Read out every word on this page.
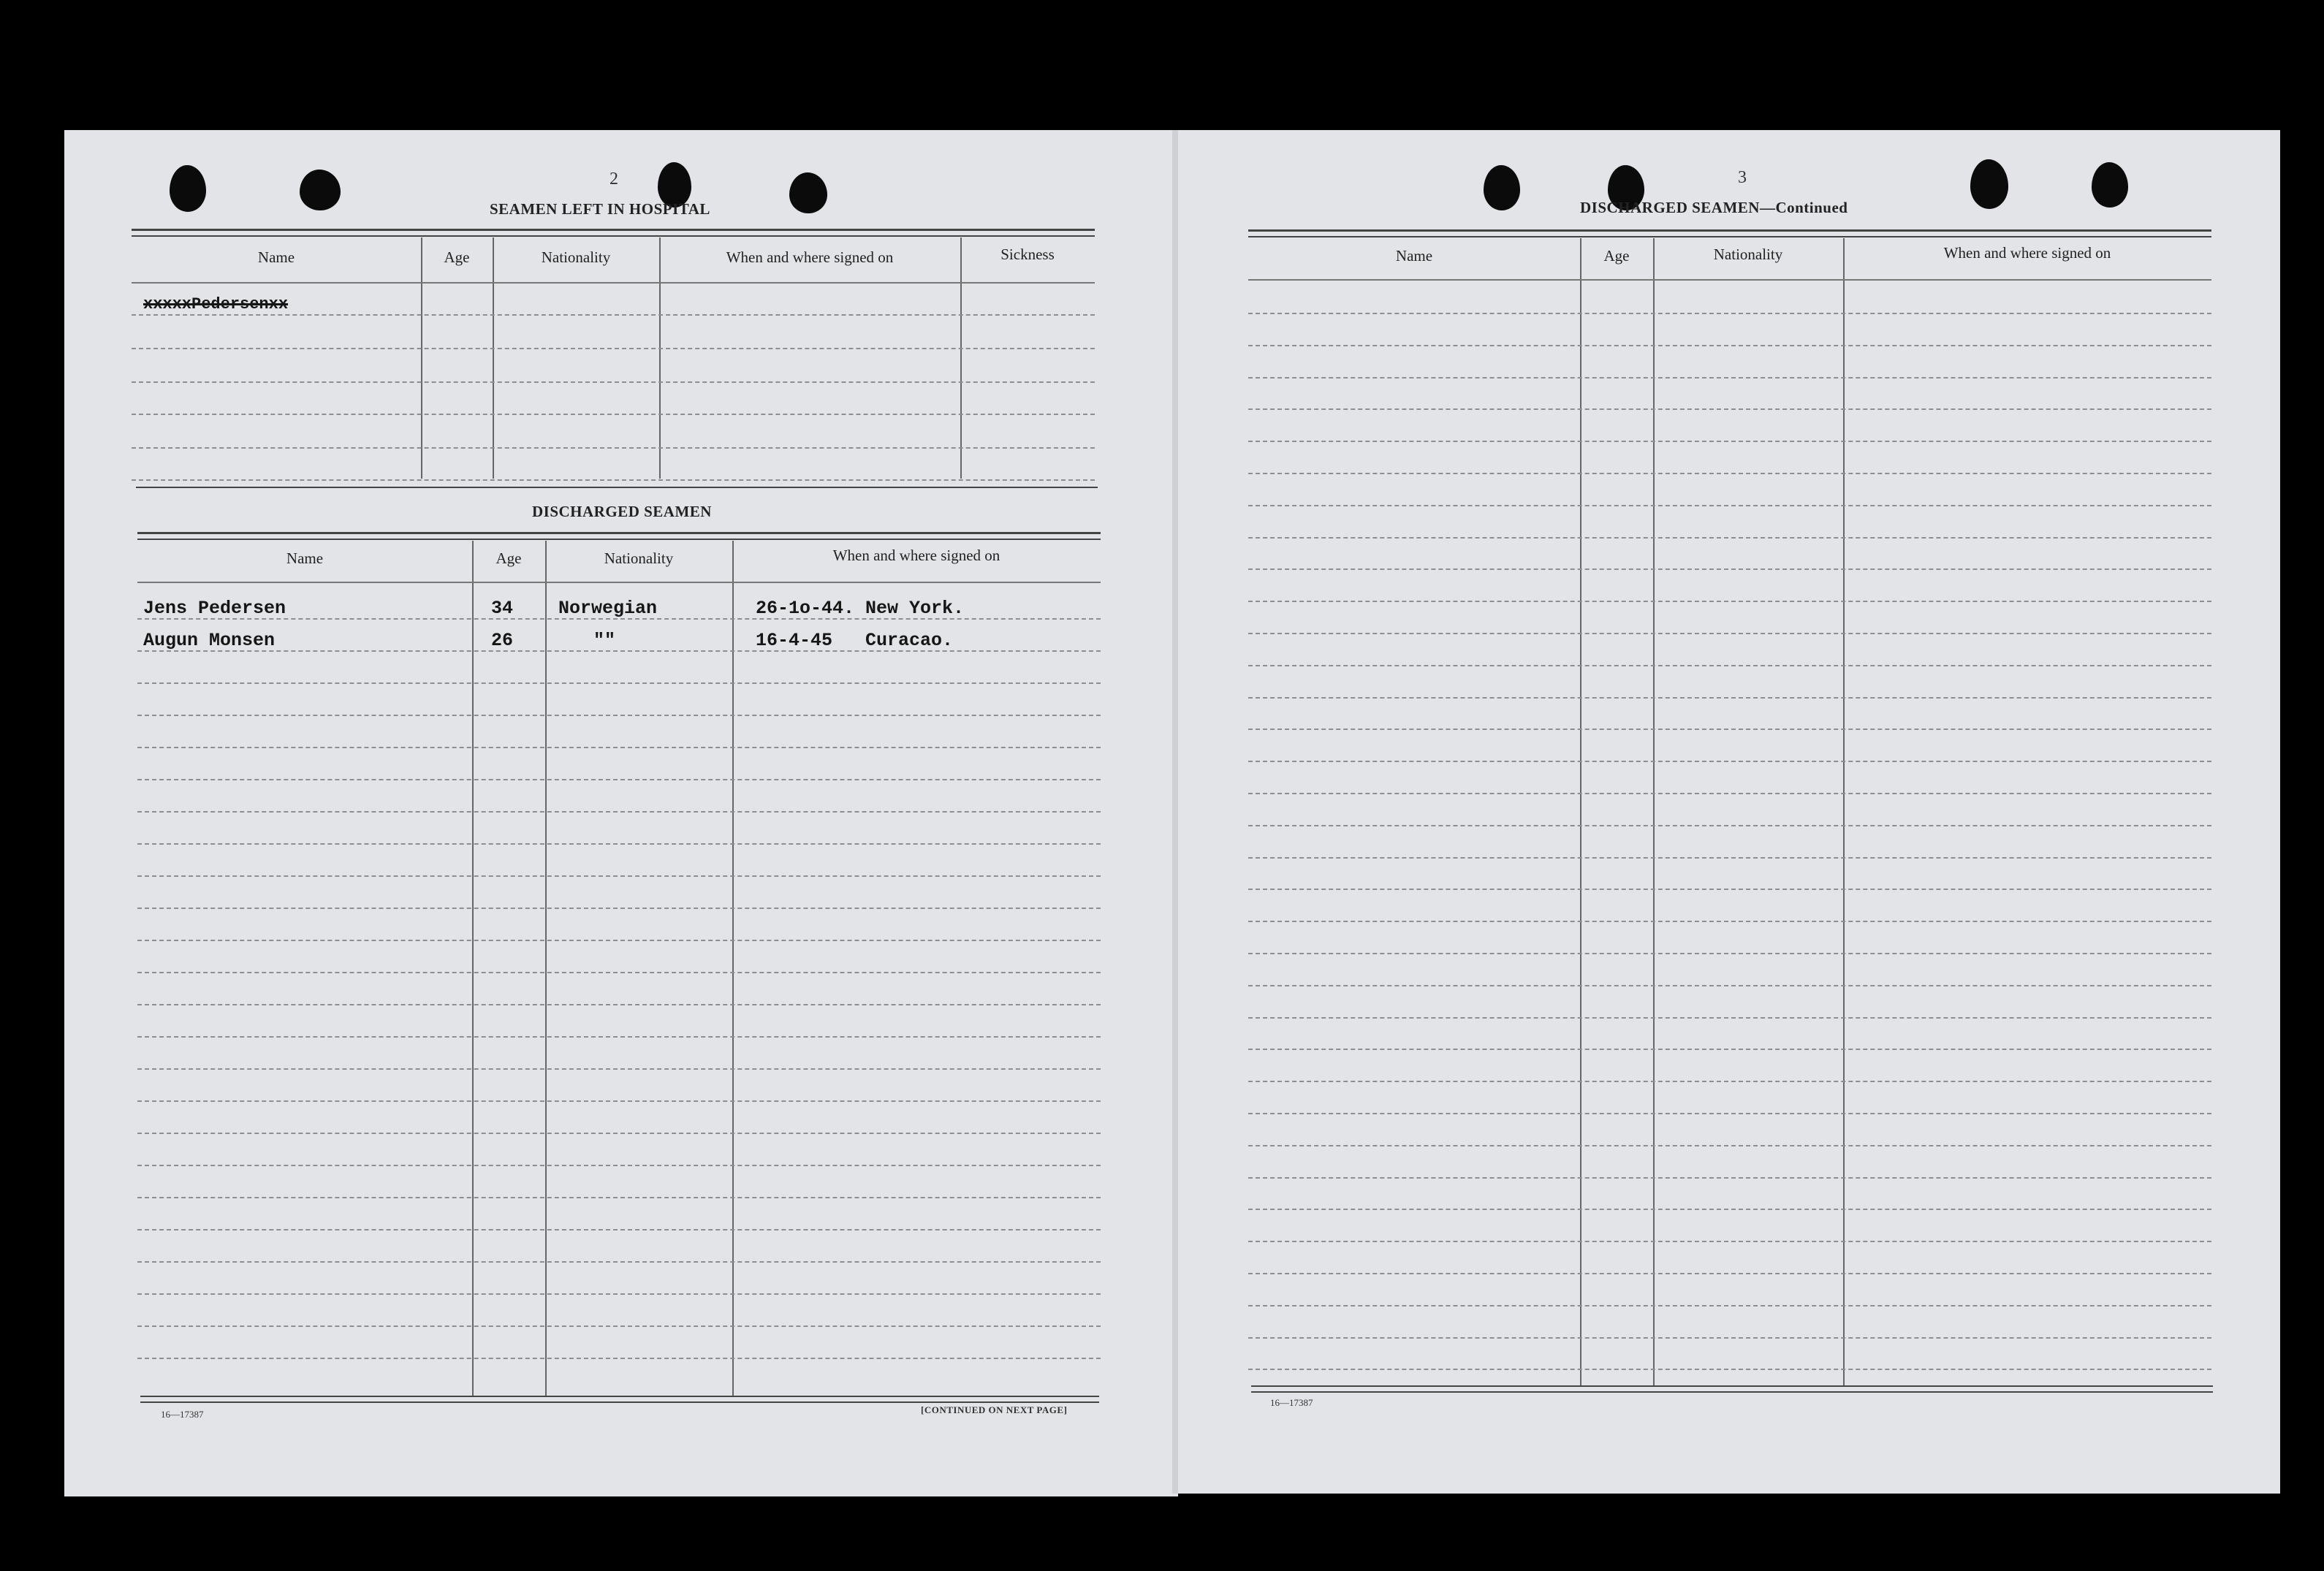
2
SEAMEN LEFT IN HOSPITAL
Name	Age	Nationality	When and where signed on	Sickness
xxxxxPedersenxx
DISCHARGED SEAMEN
Name	Age	Nationality	When and where signed on
Jens Pedersen	34 Norwegian	26-1o-44. New York.
Augun Monsen	26	""	16-4-45   Curacao.
16—17387	[CONTINUED ON NEXT PAGE]
3
DISCHARGED SEAMEN—Continued
Name	Age	Nationality	When and where signed on
16—17387
